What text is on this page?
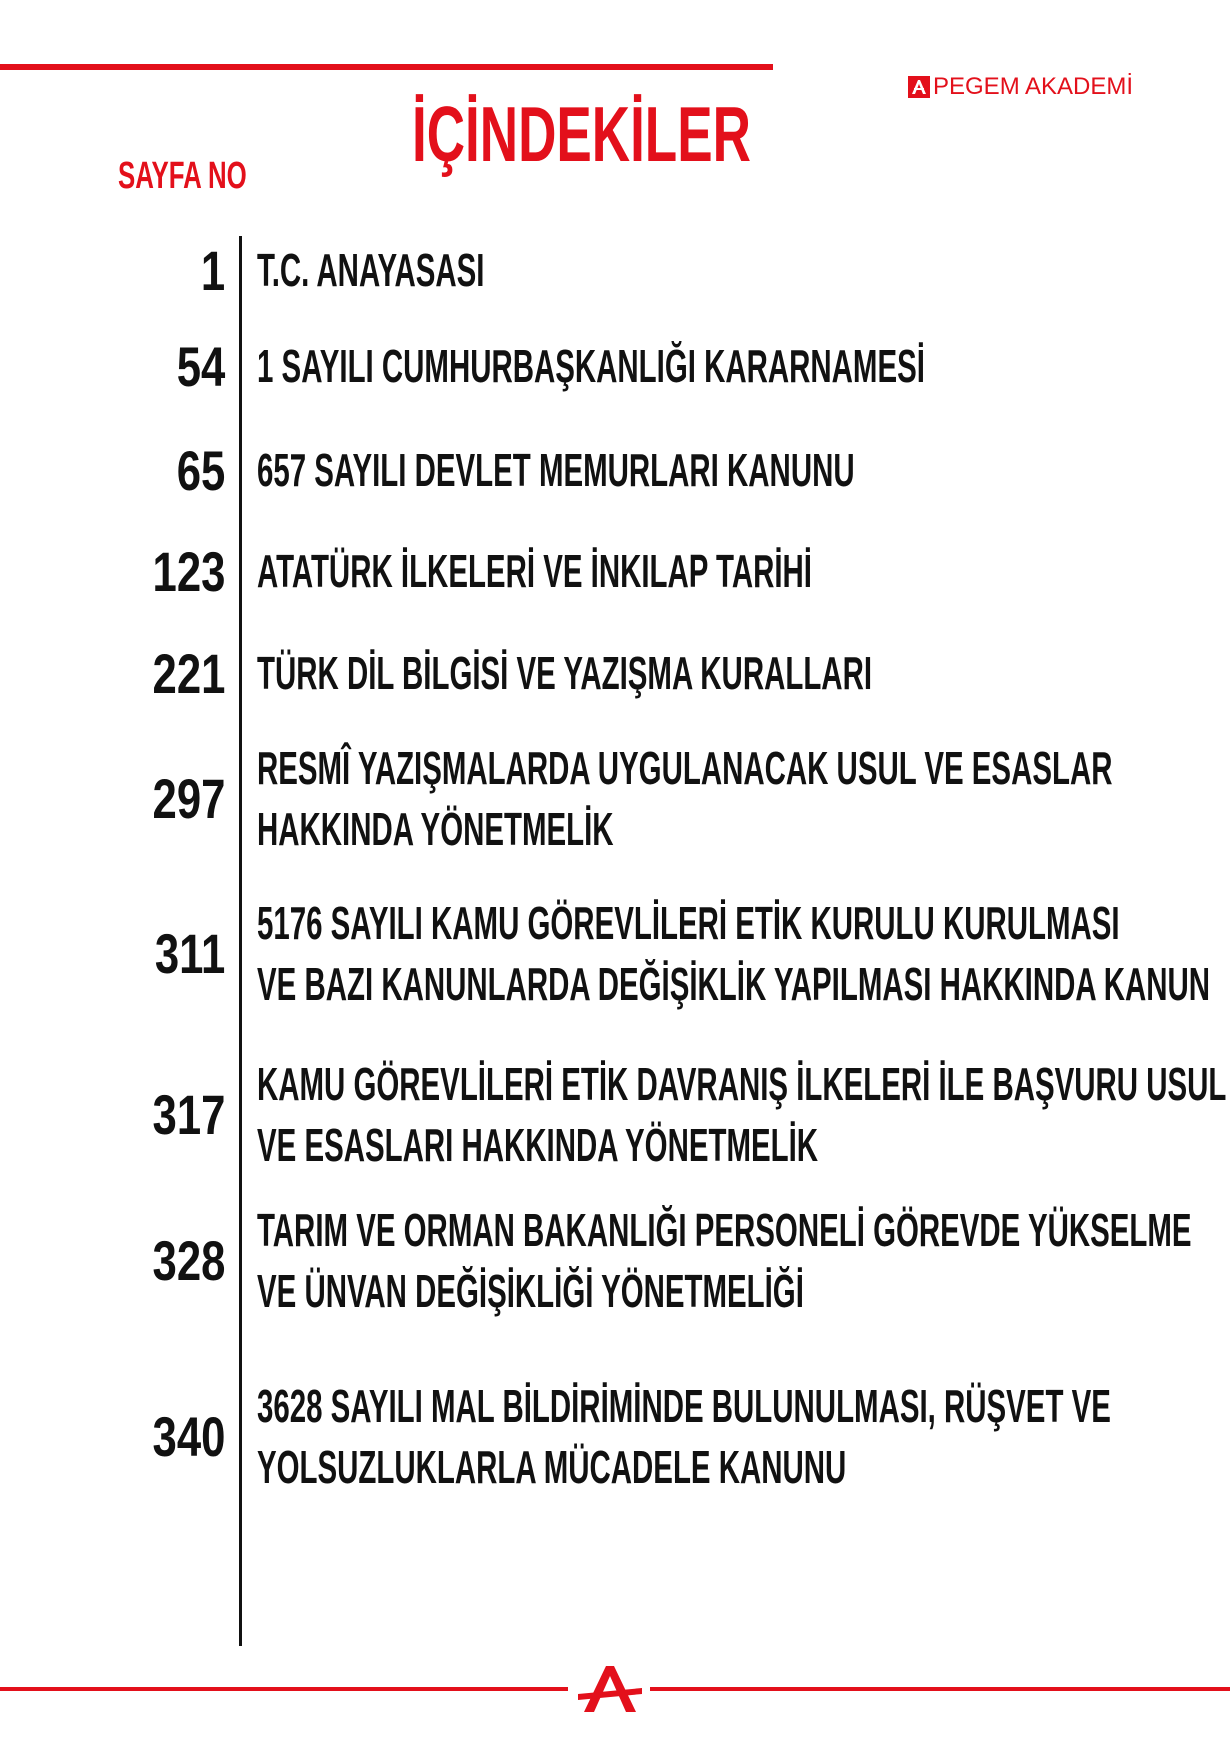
PEGEM AKADEMİ
İÇİNDEKİLER
SAYFA NO
1 T.C. ANAYASASI
54 1 SAYILI CUMHURBAŞKANLIĞI KARARNAMESİ
65 657 SAYILI DEVLET MEMURLARI KANUNU
123 ATATÜRK İLKELERİ VE İNKILAP TARİHİ
221 TÜRK DİL BİLGİSİ VE YAZIŞMA KURALLARI
297 RESMÎ YAZIŞMALARDA UYGULANACAK USUL VE ESASLAR
HAKKINDA YÖNETMELİK
311 5176 SAYILI KAMU GÖREVLİLERİ ETİK KURULU KURULMASI
VE BAZI KANUNLARDA DEĞİŞİKLİK YAPILMASI HAKKINDA KANUN
317 KAMU GÖREVLİLERİ ETİK DAVRANIŞ İLKELERİ İLE BAŞVURU USUL
VE ESASLARI HAKKINDA YÖNETMELİK
328 TARIM VE ORMAN BAKANLIĞI PERSONELİ GÖREVDE YÜKSELME
VE ÜNVAN DEĞİŞİKLİĞİ YÖNETMELİĞİ
340 3628 SAYILI MAL BİLDİRİMİNDE BULUNULMASI, RÜŞVET VE
YOLSUZLUKLARLA MÜCADELE KANUNU
